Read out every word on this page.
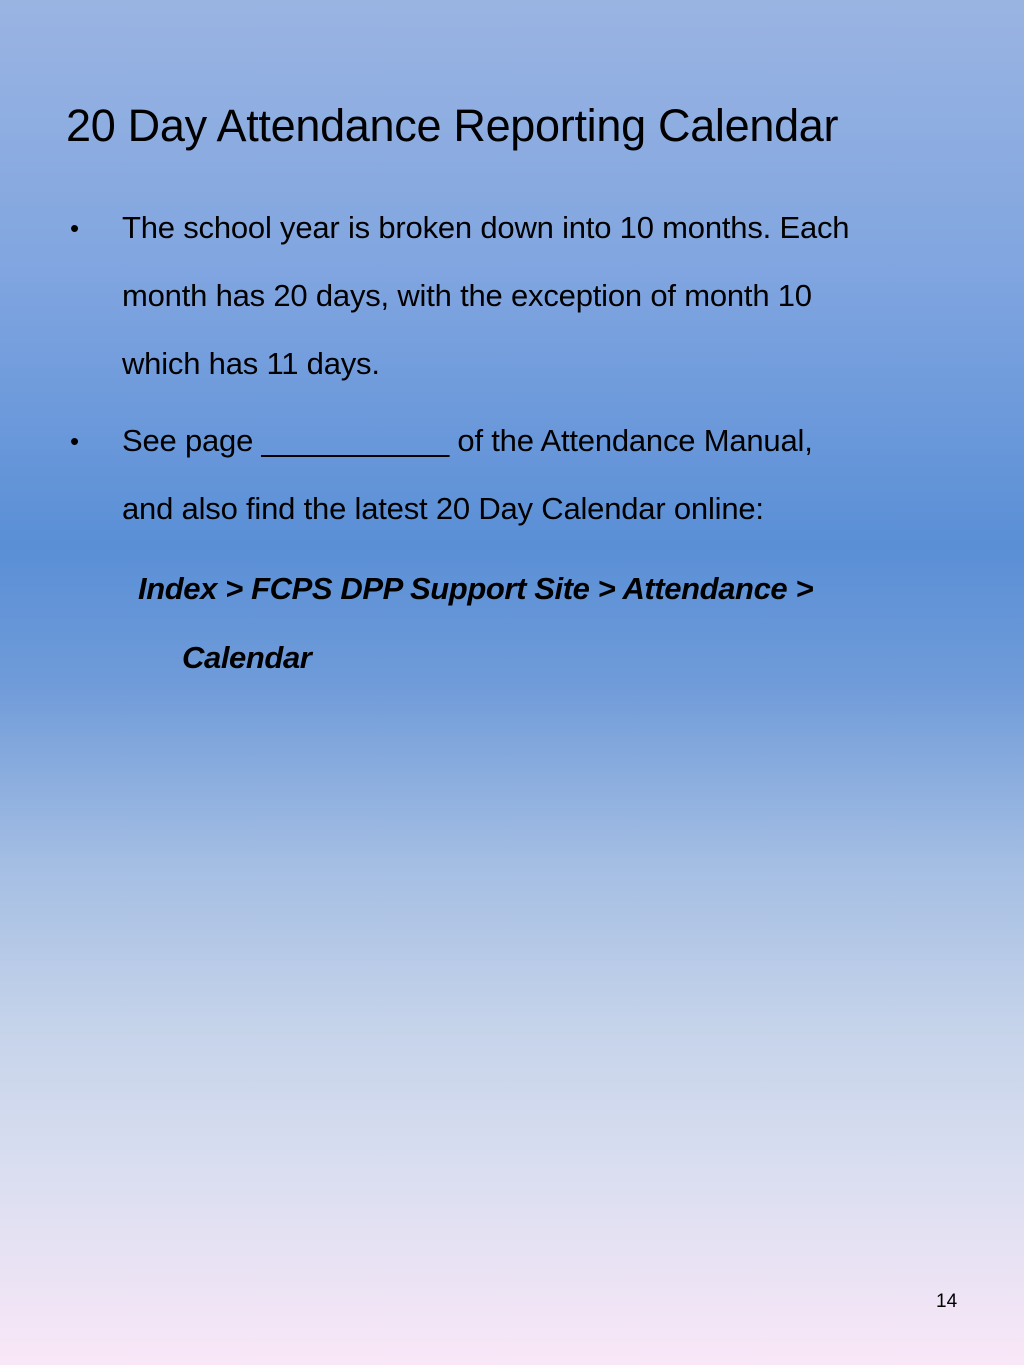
20 Day Attendance Reporting Calendar
• The school year is broken down into 10 months. Each
month has 20 days, with the exception of month 10
which has 11 days.
• See page ___________ of the Attendance Manual,
and also find the latest 20 Day Calendar online:
Index > FCPS DPP Support Site > Attendance >
Calendar
14
